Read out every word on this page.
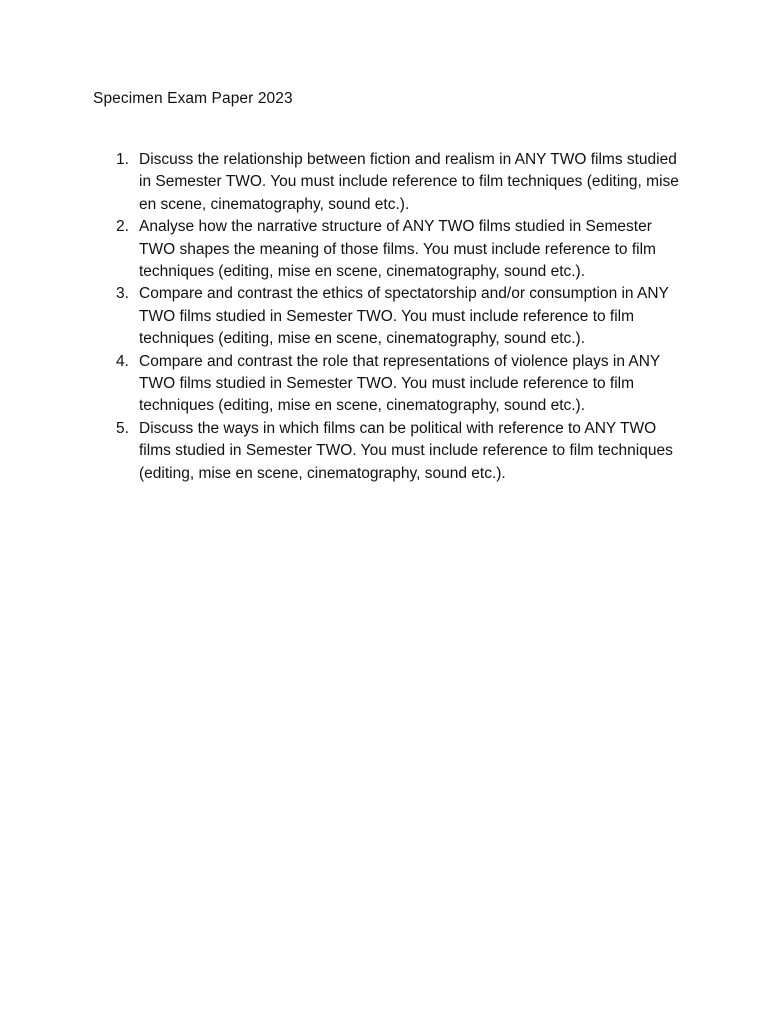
Specimen Exam Paper 2023
1. Discuss the relationship between fiction and realism in ANY TWO films studied in Semester TWO. You must include reference to film techniques (editing, mise en scene, cinematography, sound etc.).
2. Analyse how the narrative structure of ANY TWO films studied in Semester TWO shapes the meaning of those films. You must include reference to film techniques (editing, mise en scene, cinematography, sound etc.).
3. Compare and contrast the ethics of spectatorship and/or consumption in ANY TWO films studied in Semester TWO. You must include reference to film techniques (editing, mise en scene, cinematography, sound etc.).
4. Compare and contrast the role that representations of violence plays in ANY TWO films studied in Semester TWO. You must include reference to film techniques (editing, mise en scene, cinematography, sound etc.).
5. Discuss the ways in which films can be political with reference to ANY TWO films studied in Semester TWO. You must include reference to film techniques (editing, mise en scene, cinematography, sound etc.).
